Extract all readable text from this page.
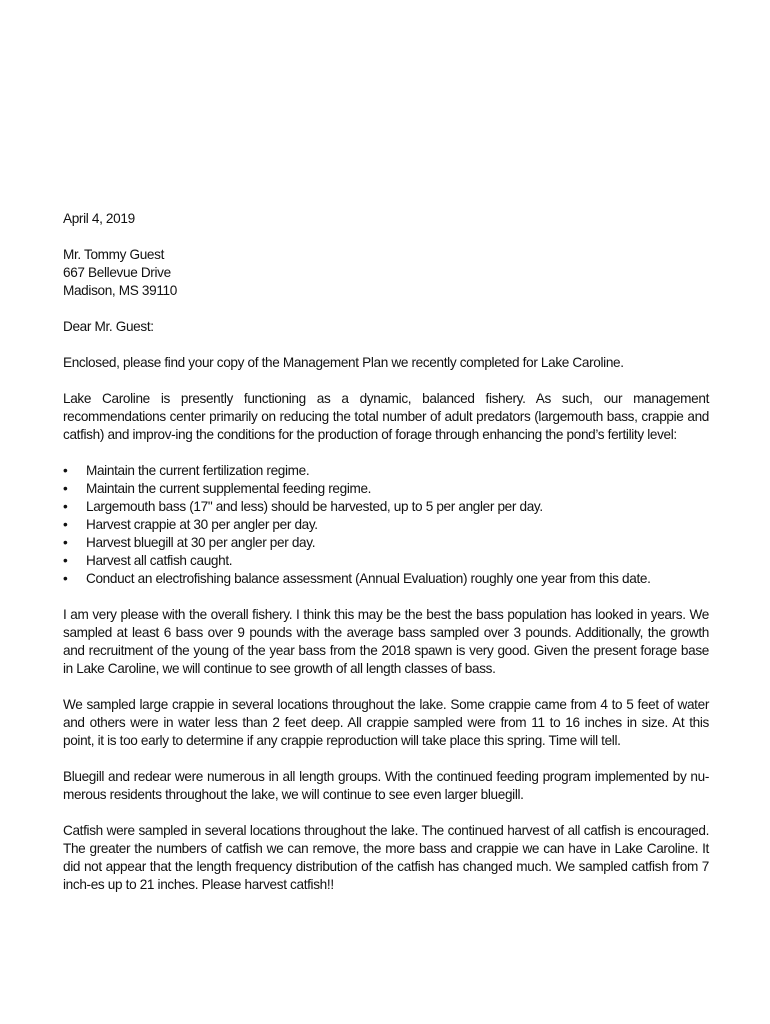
April 4, 2019
Mr. Tommy Guest
667 Bellevue Drive
Madison, MS 39110
Dear Mr. Guest:

Enclosed, please find your copy of the Management Plan we recently completed for Lake Caroline.

Lake Caroline is presently functioning as a dynamic, balanced fishery. As such, our management recommendations center primarily on reducing the total number of adult predators (largemouth bass, crappie and catfish) and improv-ing the conditions for the production of forage through enhancing the pond’s fertility level:

•	Maintain the current fertilization regime.
•	Maintain the current supplemental feeding regime.
•	Largemouth bass (17" and less) should be harvested, up to 5 per angler per day.
•	Harvest crappie at 30 per angler per day.
•	Harvest bluegill at 30 per angler per day.
•	Harvest all catfish caught.
•	Conduct an electrofishing balance assessment (Annual Evaluation) roughly one year from this date.

I am very please with the overall fishery. I think this may be the best the bass population has looked in years. We sampled at least 6 bass over 9 pounds with the average bass sampled over 3 pounds. Additionally, the growth and recruitment of the young of the year bass from the 2018 spawn is very good. Given the present forage base in Lake Caroline, we will continue to see growth of all length classes of bass.

We sampled large crappie in several locations throughout the lake. Some crappie came from 4 to 5 feet of water and others were in water less than 2 feet deep. All crappie sampled were from 11 to 16 inches in size. At this point, it is too early to determine if any crappie reproduction will take place this spring. Time will tell.

Bluegill and redear were numerous in all length groups. With the continued feeding program implemented by nu-merous residents throughout the lake, we will continue to see even larger bluegill.

Catfish were sampled in several locations throughout the lake. The continued harvest of all catfish is encouraged. The greater the numbers of catfish we can remove, the more bass and crappie we can have in Lake Caroline. It did not appear that the length frequency distribution of the catfish has changed much. We sampled catfish from 7 inch-es up to 21 inches. Please harvest catfish!!
